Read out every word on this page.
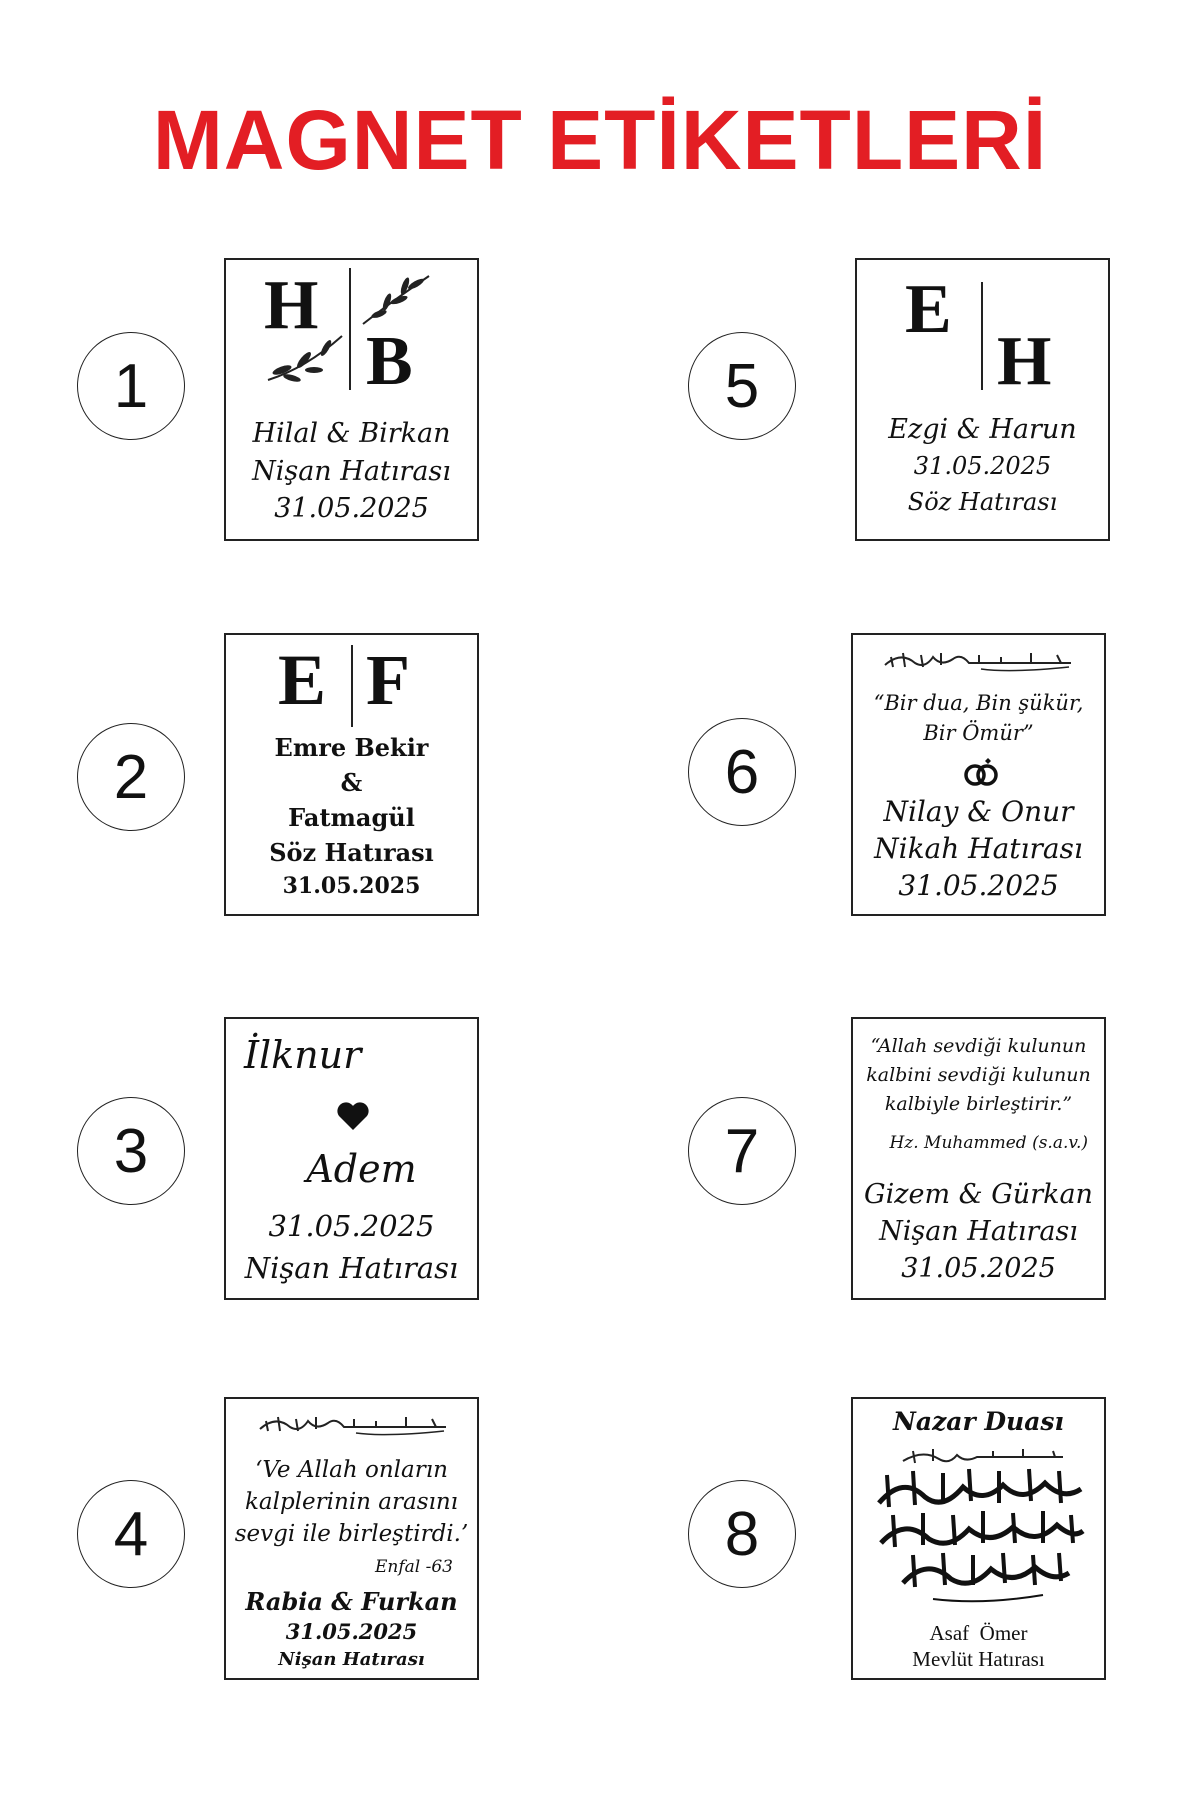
MAGNET ETİKETLERİ
1
H
B
Hilal & Birkan
Nişan Hatırası
31.05.2025
2
E F
Emre Bekir
&
Fatmagül
Söz Hatırası
31.05.2025
3
İlknur
Adem
31.05.2025
Nişan Hatırası
4
‘Ve Allah onların
kalplerinin arasını
sevgi ile birleştirdi.’
Enfal -63
Rabia & Furkan
31.05.2025
Nişan Hatırası
5
E
H
Ezgi & Harun
31.05.2025
Söz Hatırası
6
“Bir dua, Bin şükür,
Bir Ömür”
Nilay & Onur
Nikah Hatırası
31.05.2025
7
“Allah sevdiği kulunun
kalbini sevdiği kulunun
kalbiyle birleştirir.”
Hz. Muhammed (s.a.v.)
Gizem & Gürkan
Nişan Hatırası
31.05.2025
8
Nazar Duası
Asaf  Ömer
Mevlüt Hatırası
